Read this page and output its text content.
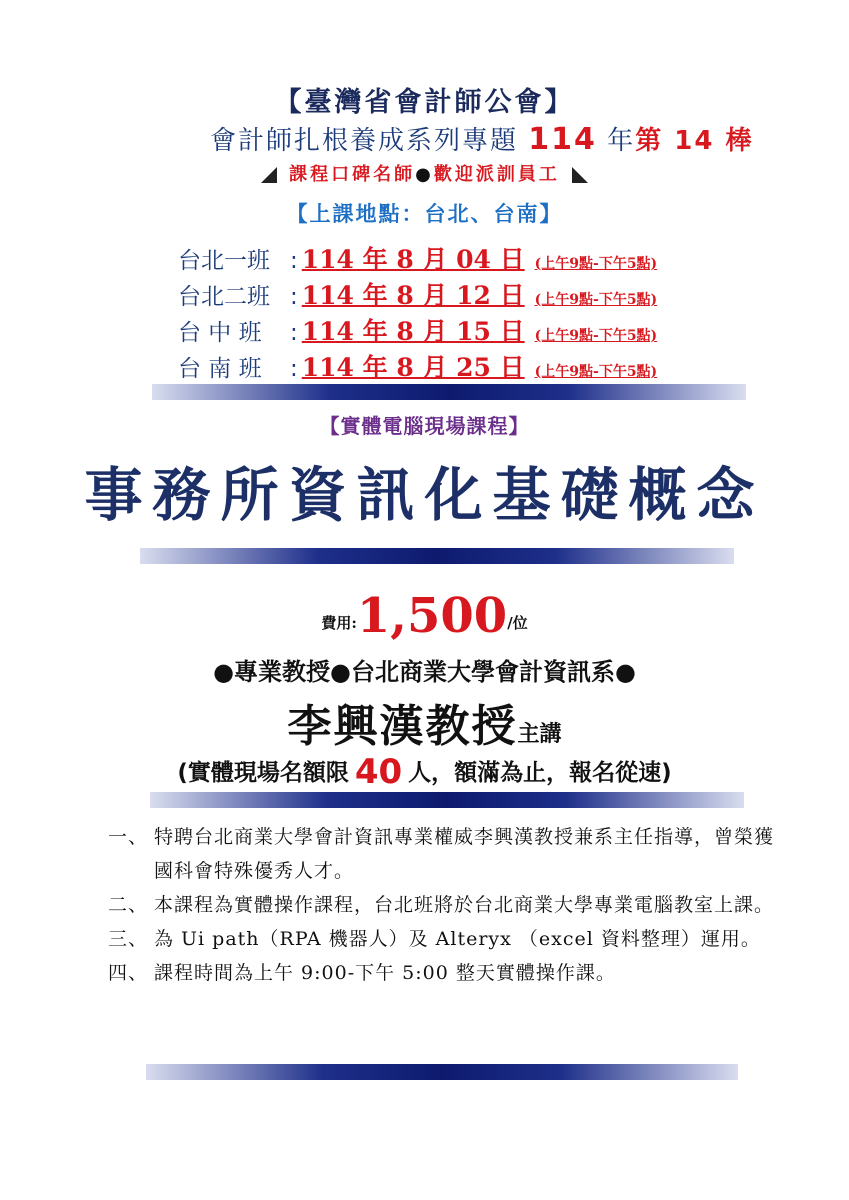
【臺灣省會計師公會】
會計師扎根養成系列專題 114 年第 14 棒
課程口碑名師●歡迎派訓員工
【上課地點：台北、台南】
台北一班 : 114 年 8 月 04 日 (上午9點-下午5點)
台北二班 : 114 年 8 月 12 日 (上午9點-下午5點)
台 中 班 : 114 年 8 月 15 日 (上午9點-下午5點)
台 南 班 : 114 年 8 月 25 日 (上午9點-下午5點)
【實體電腦現場課程】
事務所資訊化基礎概念
費用:1,500/位
●專業教授●台北商業大學會計資訊系●
李興漢教授主講
(實體現場名額限 40 人，額滿為止，報名從速)
一、 特聘台北商業大學會計資訊專業權威李興漢教授兼系主任指導，曾榮獲國科會特殊優秀人才。
二、 本課程為實體操作課程，台北班將於台北商業大學專業電腦教室上課。
三、 為 Ui path（RPA 機器人）及 Alteryx （excel 資料整理）運用。
四、 課程時間為上午 9:00-下午 5:00 整天實體操作課。
